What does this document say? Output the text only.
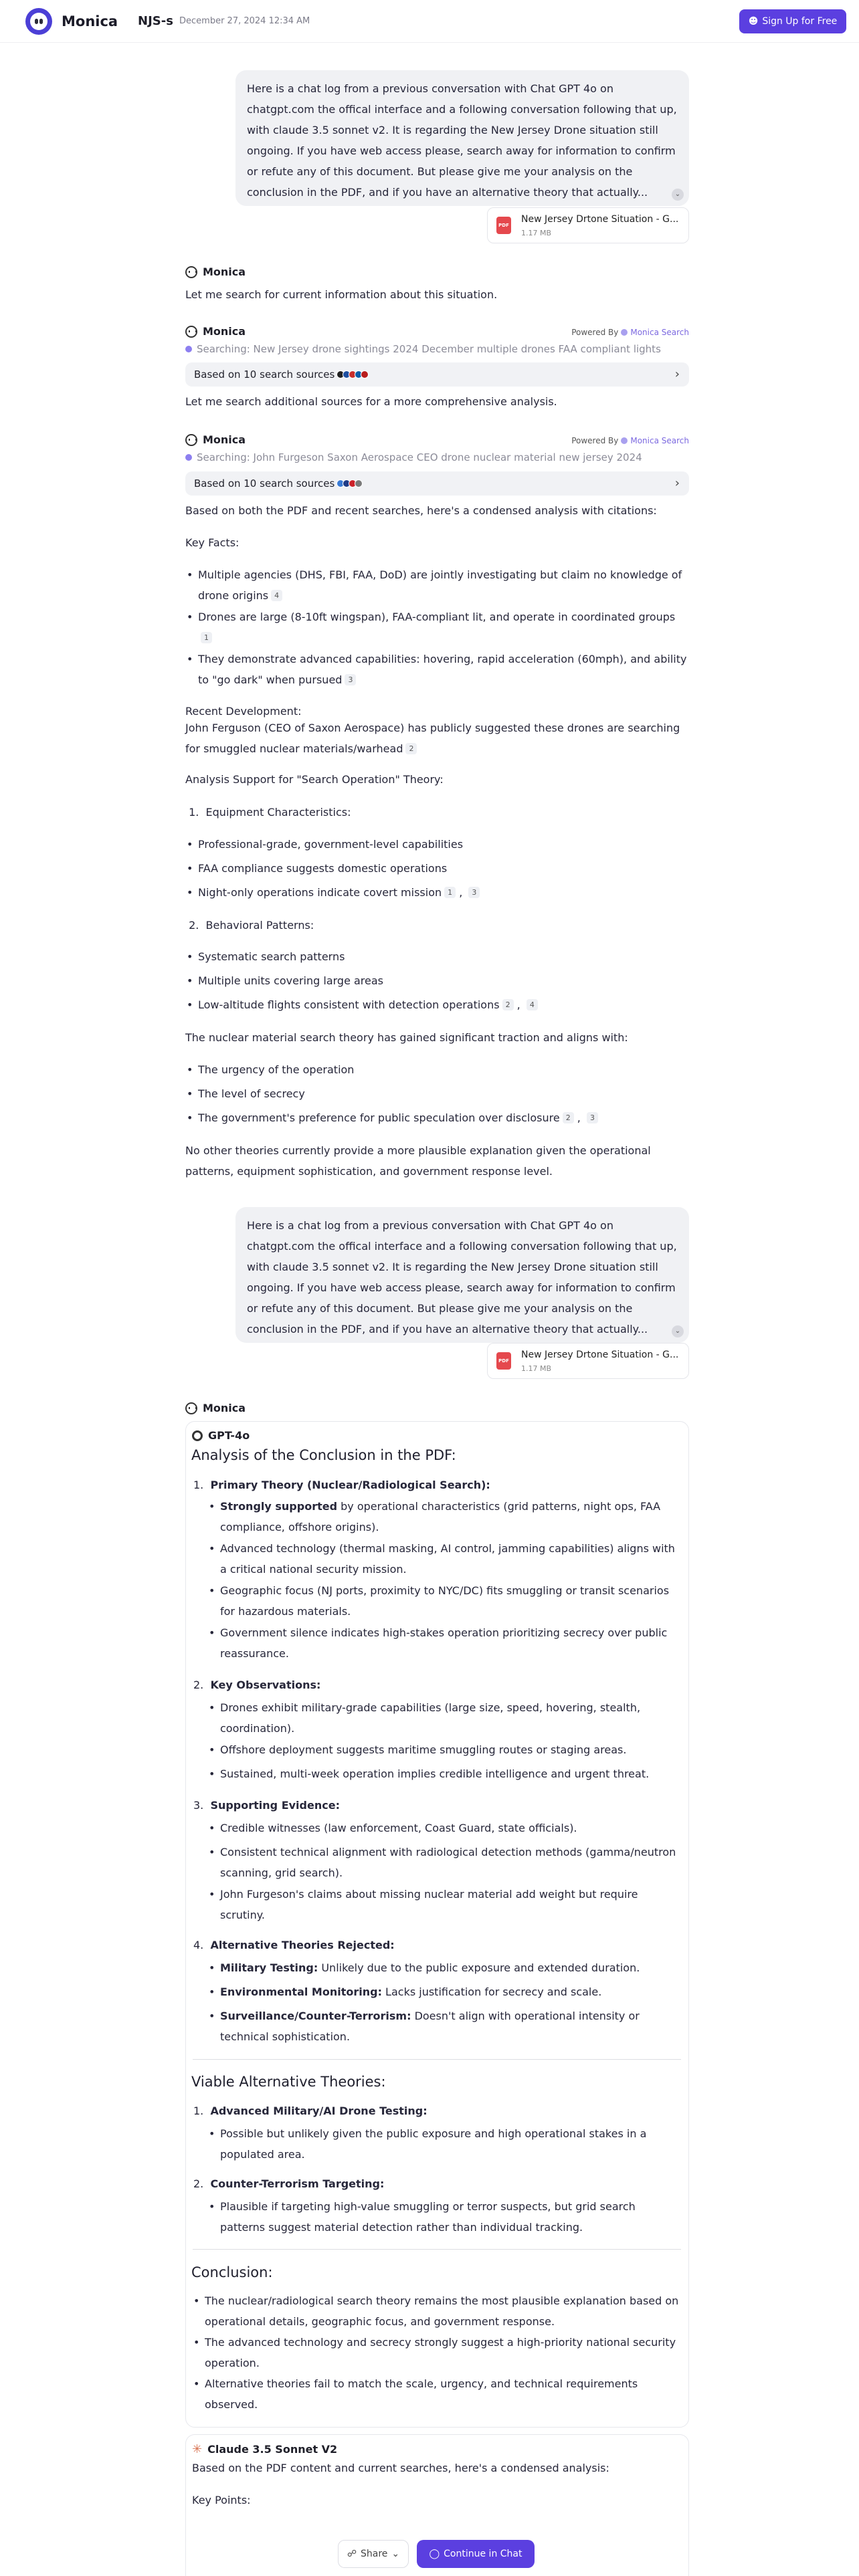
Monica NJS-s December 27, 2024 12:34 AM	☻ Sign Up for Free
Here is a chat log from a previous conversation with Chat GPT 4o on chatgpt.com the offical interface and a following conversation following that up, with claude 3.5 sonnet v2. It is regarding the New Jersey Drone situation still ongoing. If you have web access please, search away for information to confirm or refute any of this document. But please give me your analysis on the conclusion in the PDF, and if you have an alternative theory that actually...	⌄
PDF
New Jersey Drtone Situation - G...
1.17 MB
Monica
Let me search for current information about this situation.
Monica	Powered By Monica Search
Searching: New Jersey drone sightings 2024 December multiple drones FAA compliant lights
Based on 10 search sources	›
Let me search additional sources for a more comprehensive analysis.
Monica	Powered By Monica Search
Searching: John Furgeson Saxon Aerospace CEO drone nuclear material new jersey 2024
Based on 10 search sources	›
Based on both the PDF and recent searches, here's a condensed analysis with citations:
Key Facts:
• Multiple agencies (DHS, FBI, FAA, DoD) are jointly investigating but claim no knowledge of drone origins 4
• Drones are large (8-10ft wingspan), FAA-compliant lit, and operate in coordinated groups1
• They demonstrate advanced capabilities: hovering, rapid acceleration (60mph), and ability to "go dark" when pursued 3
Recent Development:
John Ferguson (CEO of Saxon Aerospace) has publicly suggested these drones are searching for smuggled nuclear materials/warhead 2
Analysis Support for "Search Operation" Theory:
1.  Equipment Characteristics:
• Professional-grade, government-level capabilities
• FAA compliance suggests domestic operations
• Night-only operations indicate covert mission 1 , 3
2.  Behavioral Patterns:
• Systematic search patterns
• Multiple units covering large areas
• Low-altitude flights consistent with detection operations 2 , 4
The nuclear material search theory has gained significant traction and aligns with:
• The urgency of the operation
• The level of secrecy
• The government's preference for public speculation over disclosure 2 , 3
No other theories currently provide a more plausible explanation given the operational patterns, equipment sophistication, and government response level.
Here is a chat log from a previous conversation with Chat GPT 4o on chatgpt.com the offical interface and a following conversation following that up, with claude 3.5 sonnet v2. It is regarding the New Jersey Drone situation still ongoing. If you have web access please, search away for information to confirm or refute any of this document. But please give me your analysis on the conclusion in the PDF, and if you have an alternative theory that actually...	⌄
PDF
New Jersey Drtone Situation - G...
1.17 MB
Monica
GPT-4o
Analysis of the Conclusion in the PDF:
1.  Primary Theory (Nuclear/Radiological Search):
• Strongly supported by operational characteristics (grid patterns, night ops, FAA compliance, offshore origins).
• Advanced technology (thermal masking, AI control, jamming capabilities) aligns with a critical national security mission.
• Geographic focus (NJ ports, proximity to NYC/DC) fits smuggling or transit scenarios for hazardous materials.
• Government silence indicates high-stakes operation prioritizing secrecy over public reassurance.
2.  Key Observations:
• Drones exhibit military-grade capabilities (large size, speed, hovering, stealth, coordination).
• Offshore deployment suggests maritime smuggling routes or staging areas.
• Sustained, multi-week operation implies credible intelligence and urgent threat.
3.  Supporting Evidence:
• Credible witnesses (law enforcement, Coast Guard, state officials).
• Consistent technical alignment with radiological detection methods (gamma/neutron scanning, grid search).
• John Furgeson's claims about missing nuclear material add weight but require scrutiny.
4.  Alternative Theories Rejected:
• Military Testing: Unlikely due to the public exposure and extended duration.
• Environmental Monitoring: Lacks justification for secrecy and scale.
• Surveillance/Counter-Terrorism: Doesn't align with operational intensity or technical sophistication.
Viable Alternative Theories:
1.  Advanced Military/AI Drone Testing:
• Possible but unlikely given the public exposure and high operational stakes in a populated area.
2.  Counter-Terrorism Targeting:
• Plausible if targeting high-value smuggling or terror suspects, but grid search patterns suggest material detection rather than individual tracking.
Conclusion:
• The nuclear/radiological search theory remains the most plausible explanation based on operational details, geographic focus, and government response.
• The advanced technology and secrecy strongly suggest a high-priority national security operation.
• Alternative theories fail to match the scale, urgency, and technical requirements observed.
✳ Claude 3.5 Sonnet V2
Based on the PDF content and current searches, here's a condensed analysis:
Key Points:
☍ Share ⌄	◯ Continue in Chat
